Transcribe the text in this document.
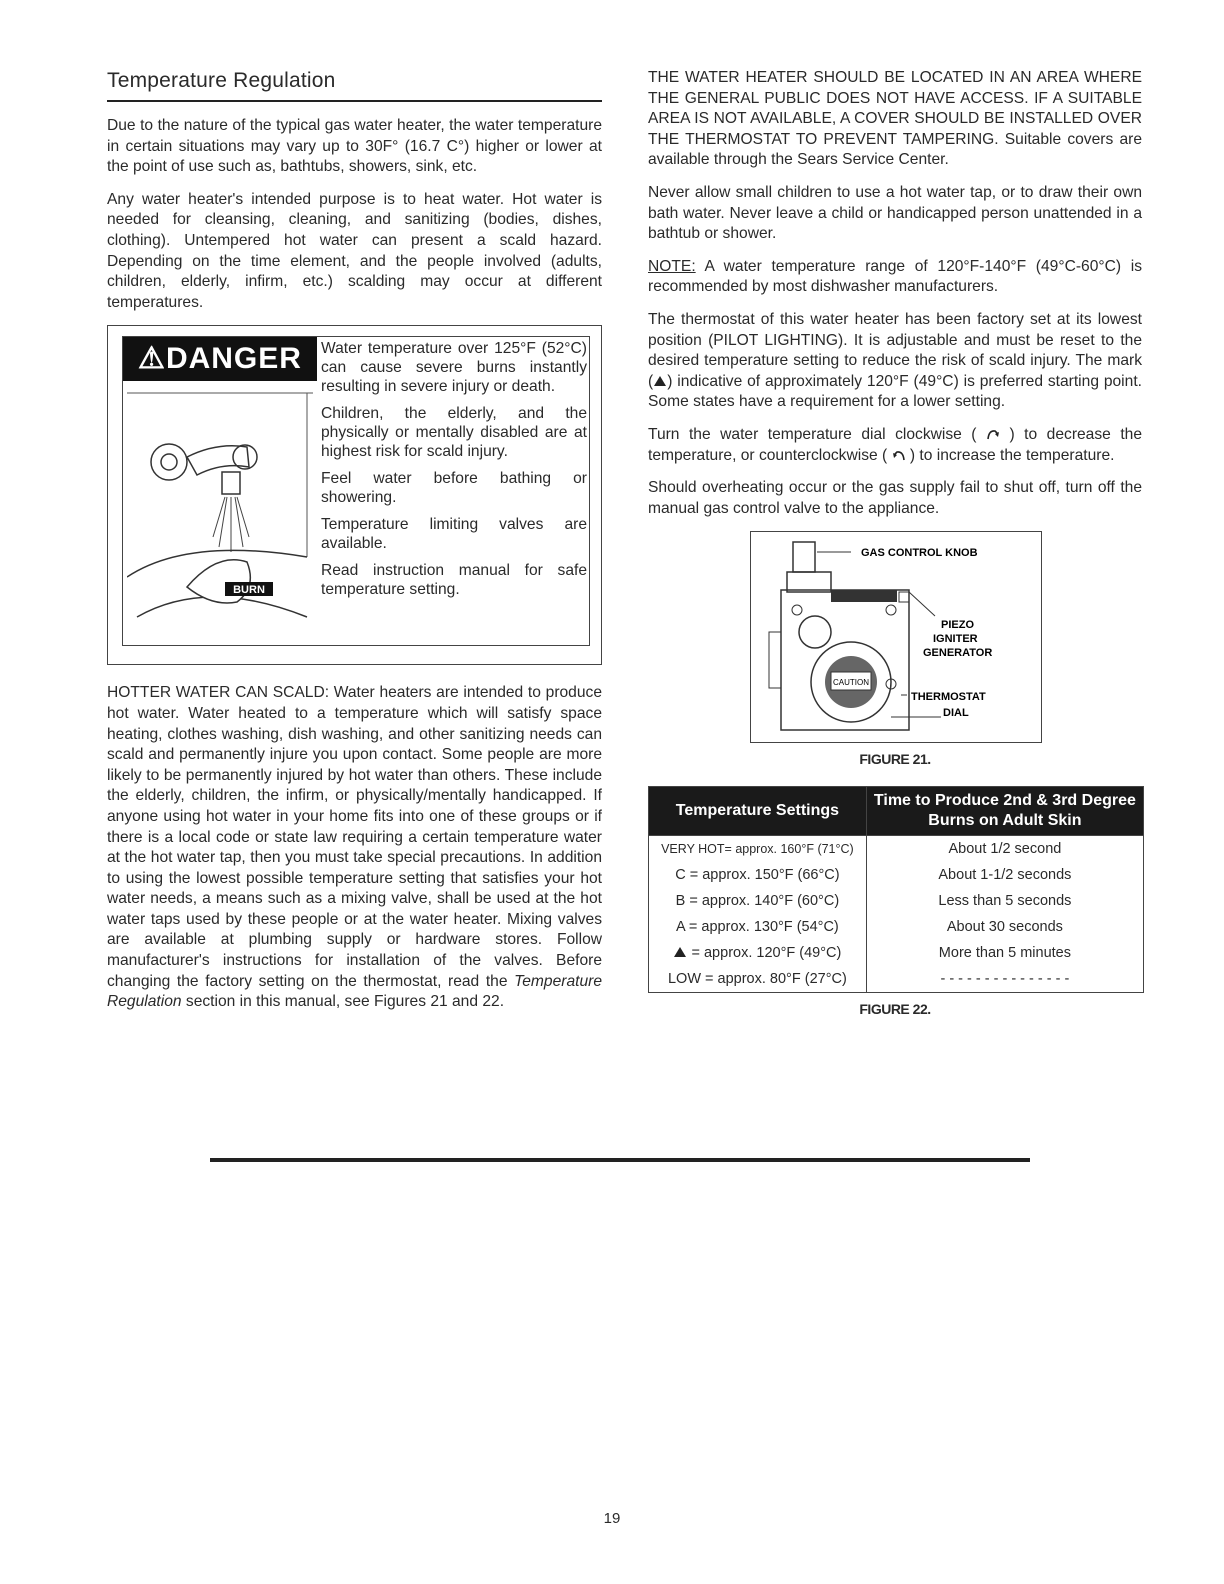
Temperature Regulation

Due to the nature of the typical gas water heater, the water temperature in certain situations may vary up to 30F° (16.7 C°) higher or lower at the point of use such as, bathtubs, showers, sink, etc.

Any water heater's intended purpose is to heat water. Hot water is needed for cleansing, cleaning, and sanitizing (bodies, dishes, clothing). Untempered hot water can present a scald hazard. Depending on the time element, and the people involved (adults, children, elderly, infirm, etc.) scalding may occur at different temperatures.

⚠DANGER
BURN
Water temperature over 125°F (52°C) can cause severe burns instantly resulting in severe injury or death.
Children, the elderly, and the physically or mentally disabled are at highest risk for scald injury.
Feel water before bathing or showering.
Temperature limiting valves are available.
Read instruction manual for safe temperature setting.

HOTTER WATER CAN SCALD: Water heaters are intended to produce hot water. Water heated to a temperature which will satisfy space heating, clothes washing, dish washing, and other sanitizing needs can scald and permanently injure you upon contact. Some people are more likely to be permanently injured by hot water than others. These include the elderly, children, the infirm, or physically/mentally handicapped. If anyone using hot water in your home fits into one of these groups or if there is a local code or state law requiring a certain temperature water at the hot water tap, then you must take special precautions. In addition to using the lowest possible temperature setting that satisfies your hot water needs, a means such as a mixing valve, shall be used at the hot water taps used by these people or at the water heater. Mixing valves are available at plumbing supply or hardware stores. Follow manufacturer's instructions for installation of the valves. Before changing the factory setting on the thermostat, read the Temperature Regulation section in this manual, see Figures 21 and 22.

THE WATER HEATER SHOULD BE LOCATED IN AN AREA WHERE THE GENERAL PUBLIC DOES NOT HAVE ACCESS. IF A SUITABLE AREA IS NOT AVAILABLE, A COVER SHOULD BE INSTALLED OVER THE THERMOSTAT TO PREVENT TAMPERING. Suitable covers are available through the Sears Service Center.

Never allow small children to use a hot water tap, or to draw their own bath water. Never leave a child or handicapped person unattended in a bathtub or shower.

NOTE: A water temperature range of 120°F-140°F (49°C-60°C) is recommended by most dishwasher manufacturers.

The thermostat of this water heater has been factory set at its lowest position (PILOT LIGHTING). It is adjustable and must be reset to the desired temperature setting to reduce the risk of scald injury. The mark ( ) indicative of approximately 120°F (49°C) is preferred starting point. Some states have a requirement for a lower setting.

Turn the water temperature dial clockwise ( ) to decrease the temperature, or counterclockwise ( ) to increase the temperature.

Should overheating occur or the gas supply fail to shut off, turn off the manual gas control valve to the appliance.

CAUTION
GAS CONTROL KNOB
PIEZO
IGNITER
GENERATOR
THERMOSTAT
DIAL
FIGURE 21.
Temperature Settings	Time to Produce 2nd & 3rd Degree Burns on Adult Skin
VERY HOT= approx. 160°F (71°C)	About 1/2 second
C = approx. 150°F (66°C)	About 1-1/2 seconds
B = approx. 140°F (60°C)	Less than 5 seconds
A = approx. 130°F (54°C)	About 30 seconds
= approx. 120°F (49°C)	More than 5 minutes
LOW = approx. 80°F (27°C)	- - - - - - - - - - - - - - -
FIGURE 22.
19
